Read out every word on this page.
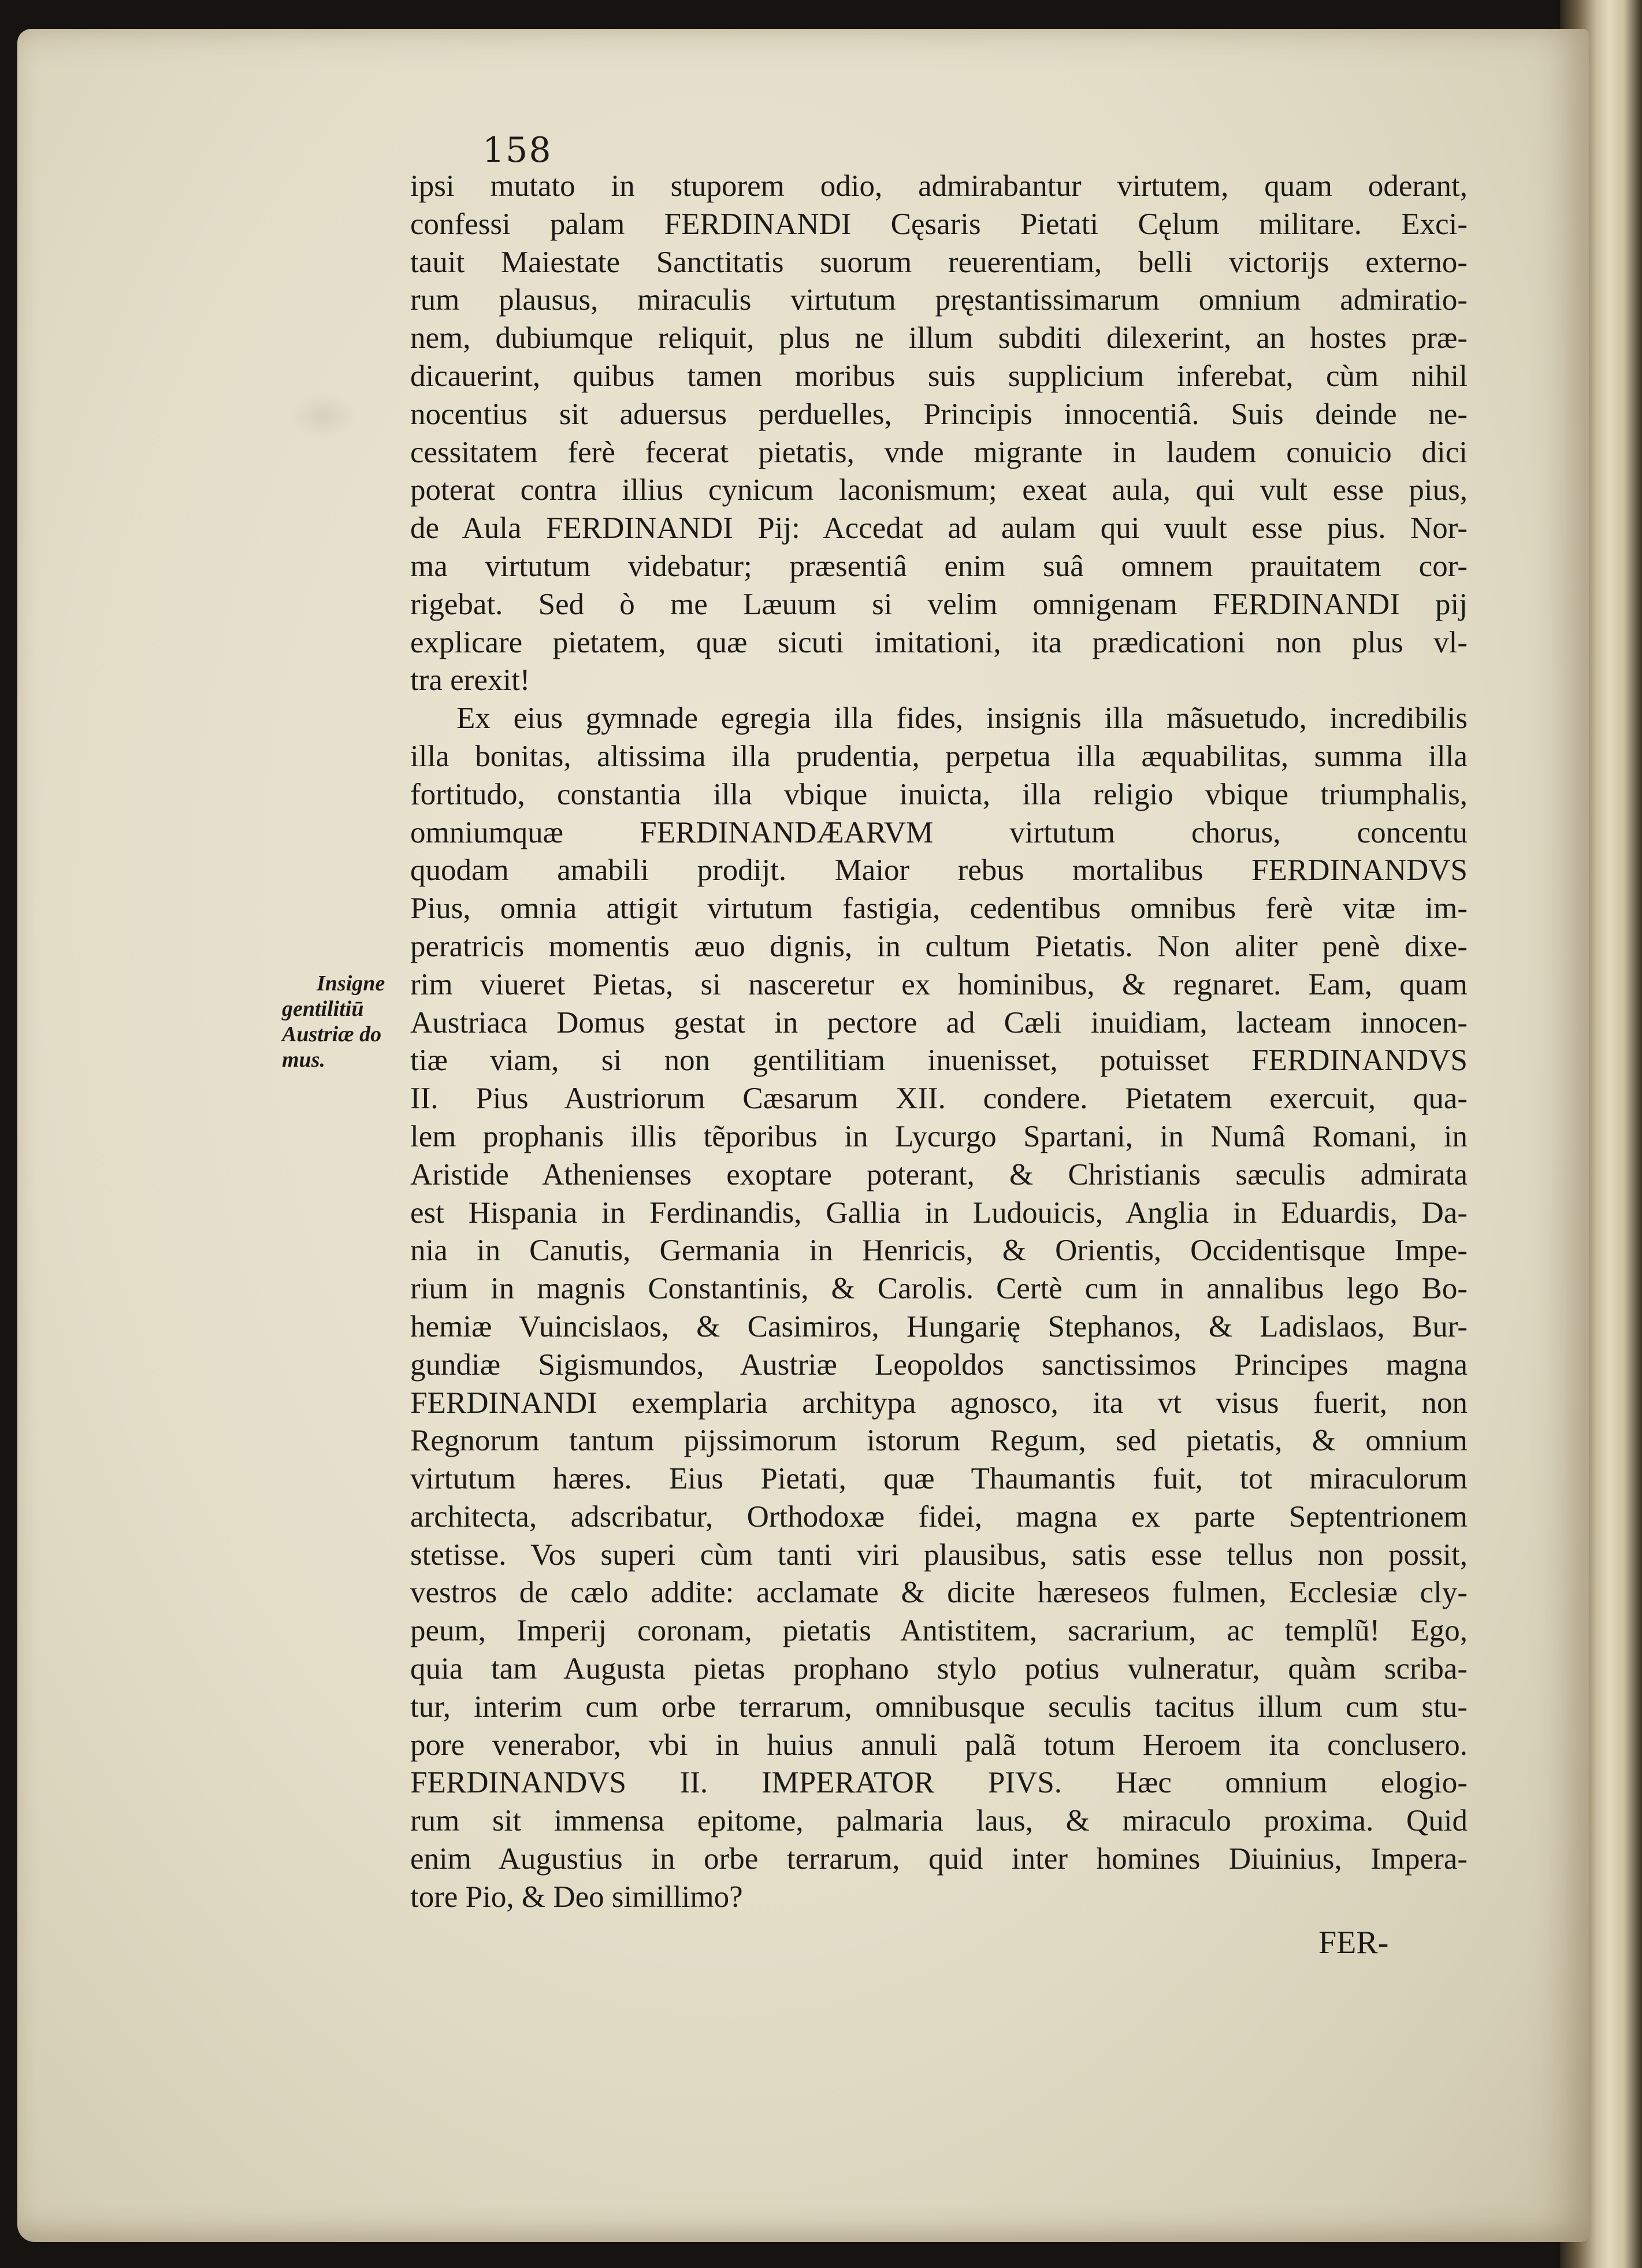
158
Insigne
gentilitiū
Austriæ do
mus.
ipsi mutato in stuporem odio, admirabantur virtutem, quam oderant,
confessi palam FERDINANDI Cęsaris Pietati Cęlum militare. Exci-
tauit Maiestate Sanctitatis suorum reuerentiam, belli victorijs externo-
rum plausus, miraculis virtutum pręstantissimarum omnium admiratio-
nem, dubiumque reliquit, plus ne illum subditi dilexerint, an hostes præ-
dicauerint, quibus tamen moribus suis supplicium inferebat, cùm nihil
nocentius sit aduersus perduelles, Principis innocentiâ. Suis deinde ne-
cessitatem ferè fecerat pietatis, vnde migrante in laudem conuicio dici
poterat contra illius cynicum laconismum; exeat aula, qui vult esse pius,
de Aula FERDINANDI Pij: Accedat ad aulam qui vuult esse pius. Nor-
ma virtutum videbatur; præsentiâ enim suâ omnem prauitatem cor-
rigebat. Sed ò me Læuum si velim omnigenam FERDINANDI pij
explicare pietatem, quæ sicuti imitationi, ita prædicationi non plus vl-
tra erexit!
Ex eius gymnade egregia illa fides, insignis illa mãsuetudo, incredibilis
illa bonitas, altissima illa prudentia, perpetua illa æquabilitas, summa illa
fortitudo, constantia illa vbique inuicta, illa religio vbique triumphalis,
omniumquæ FERDINANDÆARVM virtutum chorus, concentu
quodam amabili prodijt. Maior rebus mortalibus FERDINANDVS
Pius, omnia attigit virtutum fastigia, cedentibus omnibus ferè vitæ im-
peratricis momentis æuo dignis, in cultum Pietatis. Non aliter penè dixe-
rim viueret Pietas, si nasceretur ex hominibus, & regnaret. Eam, quam
Austriaca Domus gestat in pectore ad Cæli inuidiam, lacteam innocen-
tiæ viam, si non gentilitiam inuenisset, potuisset FERDINANDVS
II. Pius Austriorum Cæsarum XII. condere. Pietatem exercuit, qua-
lem prophanis illis tẽporibus in Lycurgo Spartani, in Numâ Romani, in
Aristide Athenienses exoptare poterant, & Christianis sæculis admirata
est Hispania in Ferdinandis, Gallia in Ludouicis, Anglia in Eduardis, Da-
nia in Canutis, Germania in Henricis, & Orientis, Occidentisque Impe-
rium in magnis Constantinis, & Carolis. Certè cum in annalibus lego Bo-
hemiæ Vuincislaos, & Casimiros, Hungarię Stephanos, & Ladislaos, Bur-
gundiæ Sigismundos, Austriæ Leopoldos sanctissimos Principes magna
FERDINANDI exemplaria architypa agnosco, ita vt visus fuerit, non
Regnorum tantum pijssimorum istorum Regum, sed pietatis, & omnium
virtutum hæres. Eius Pietati, quæ Thaumantis fuit, tot miraculorum
architecta, adscribatur, Orthodoxæ fidei, magna ex parte Septentrionem
stetisse. Vos superi cùm tanti viri plausibus, satis esse tellus non possit,
vestros de cælo addite: acclamate & dicite hæreseos fulmen, Ecclesiæ cly-
peum, Imperij coronam, pietatis Antistitem, sacrarium, ac templũ! Ego,
quia tam Augusta pietas prophano stylo potius vulneratur, quàm scriba-
tur, interim cum orbe terrarum, omnibusque seculis tacitus illum cum stu-
pore venerabor, vbi in huius annuli palã totum Heroem ita conclusero.
FERDINANDVS II. IMPERATOR PIVS. Hæc omnium elogio-
rum sit immensa epitome, palmaria laus, & miraculo proxima. Quid
enim Augustius in orbe terrarum, quid inter homines Diuinius, Impera-
tore Pio, & Deo simillimo?
FER-
